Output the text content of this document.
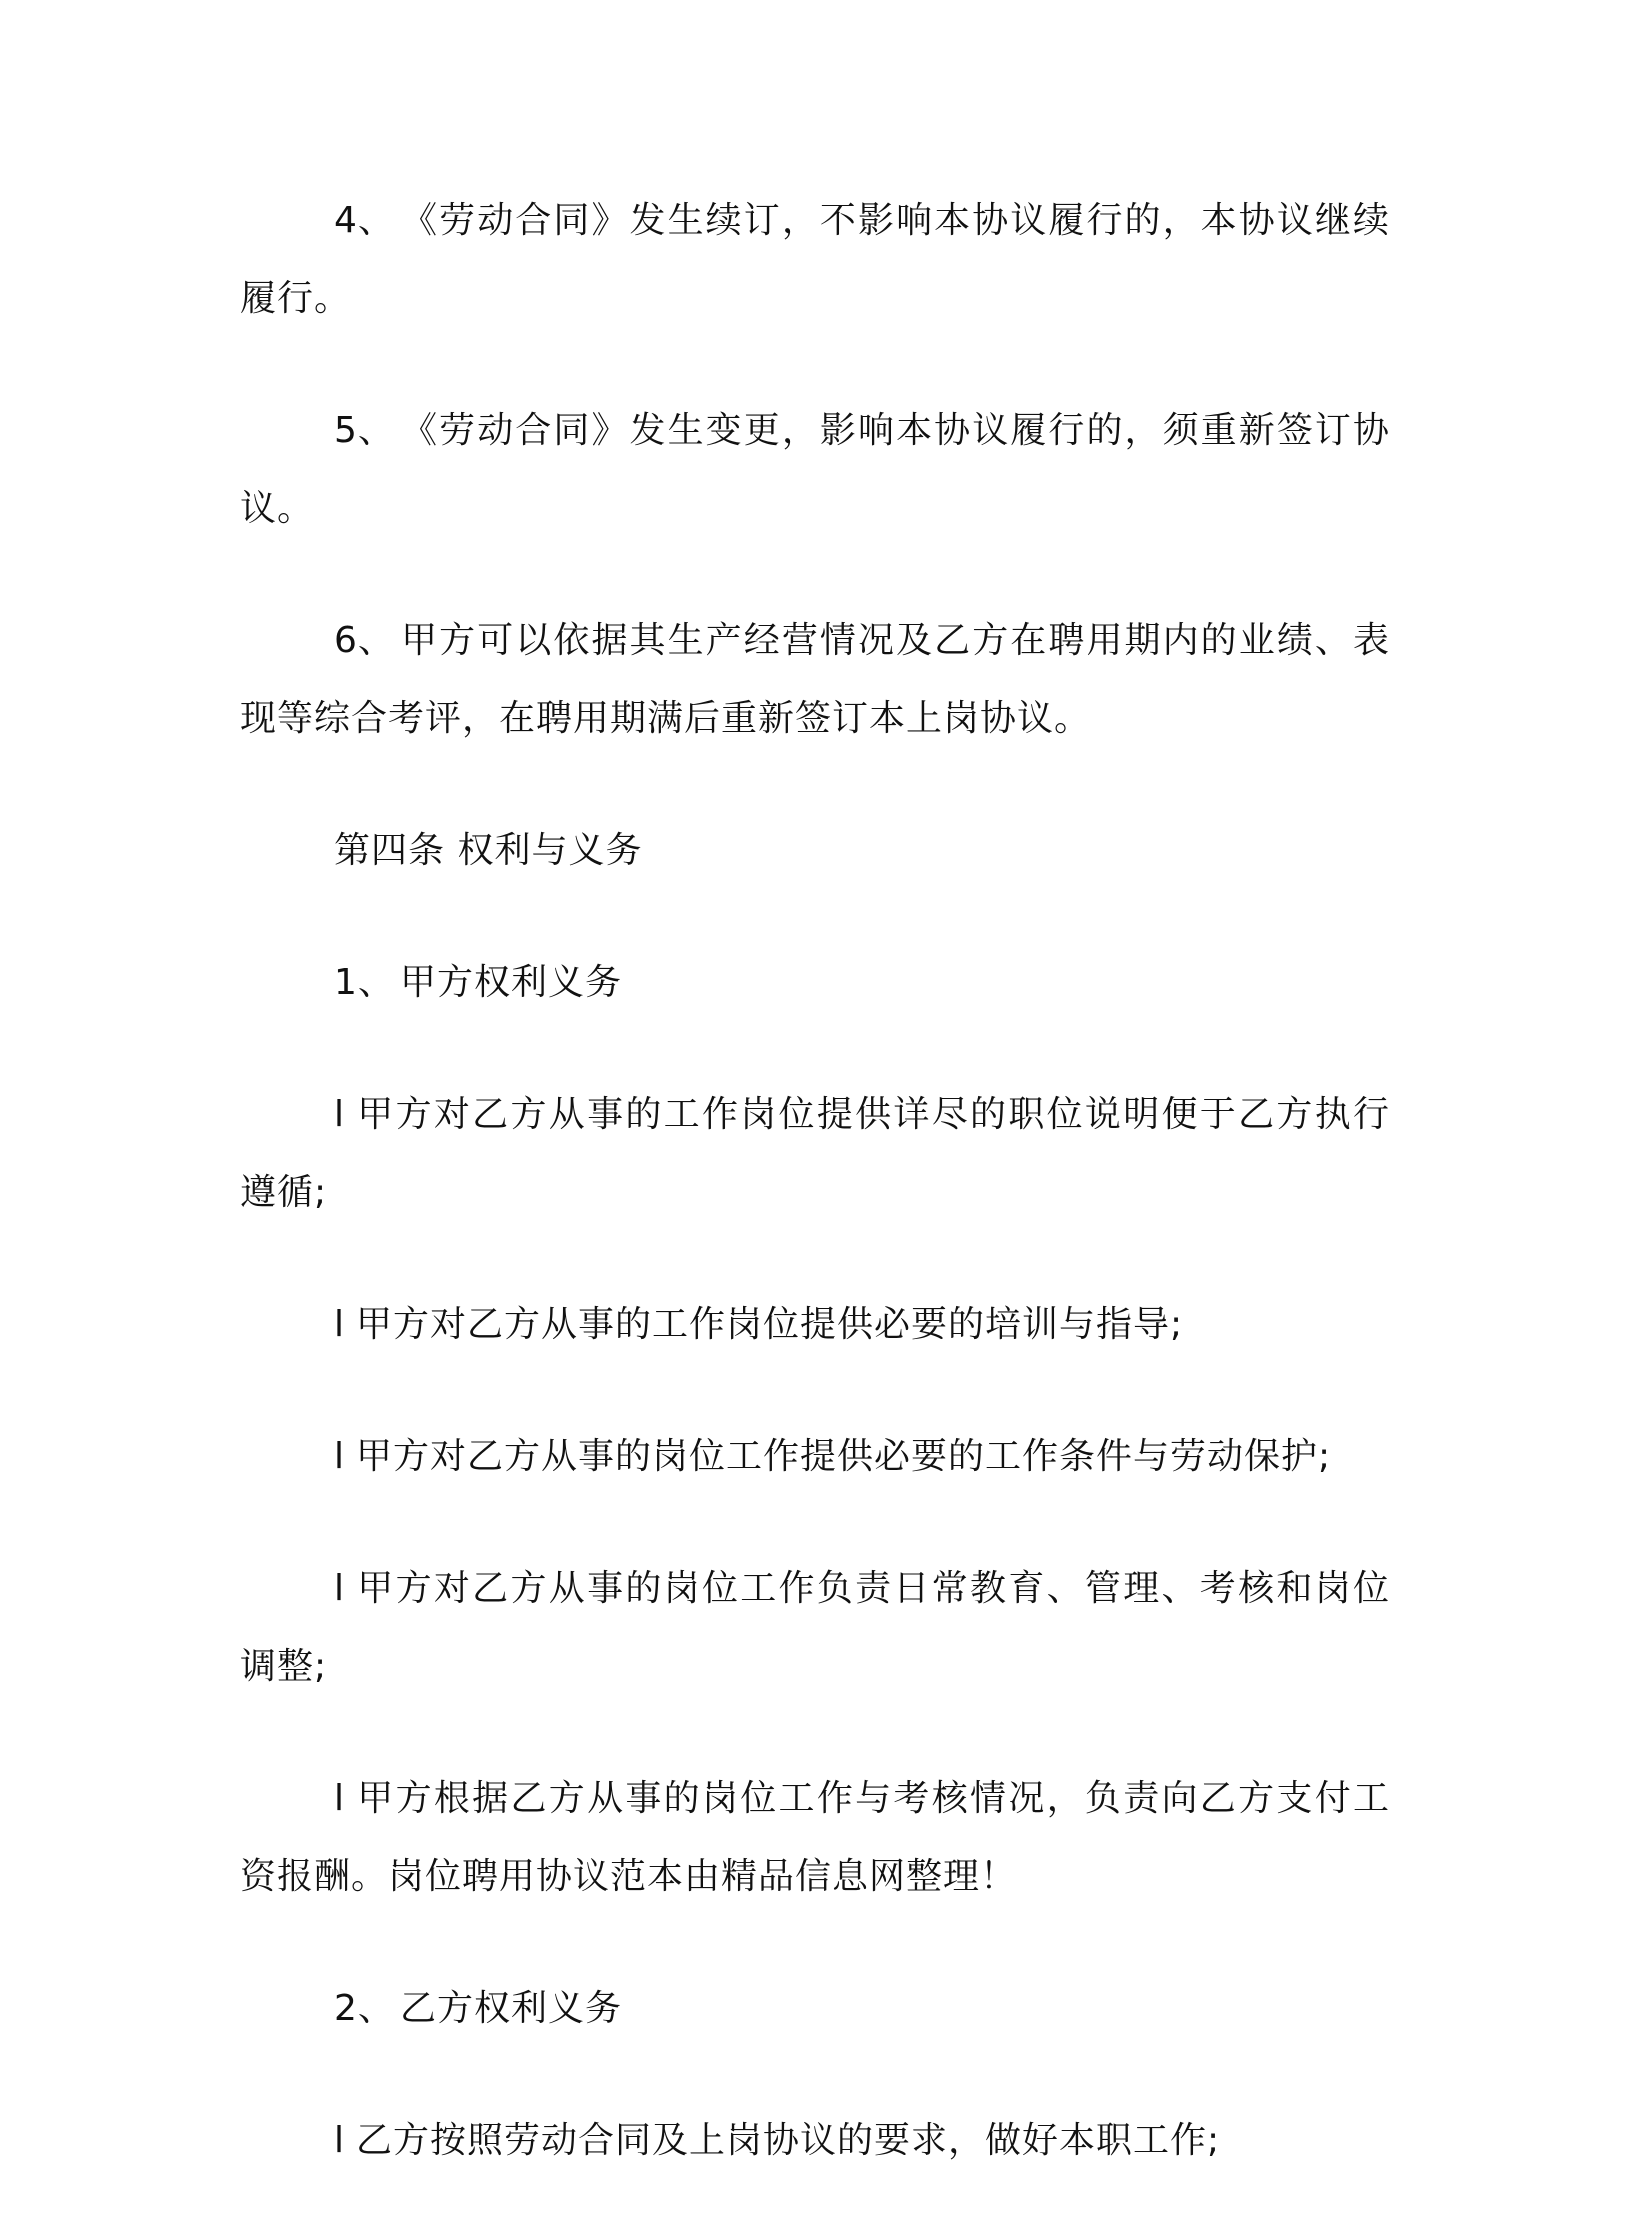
4、 《劳动合同》发生续订，不影响本协议履行的，本协议继续履行。

5、 《劳动合同》发生变更，影响本协议履行的，须重新签订协议。

6、 甲方可以依据其生产经营情况及乙方在聘用期内的业绩、表现等综合考评，在聘用期满后重新签订本上岗协议。

第四条 权利与义务

1、 甲方权利义务

l 甲方对乙方从事的工作岗位提供详尽的职位说明便于乙方执行遵循;

l 甲方对乙方从事的工作岗位提供必要的培训与指导;

l 甲方对乙方从事的岗位工作提供必要的工作条件与劳动保护;

l 甲方对乙方从事的岗位工作负责日常教育、管理、考核和岗位调整;

l 甲方根据乙方从事的岗位工作与考核情况，负责向乙方支付工资报酬。岗位聘用协议范本由精品信息网整理！

2、 乙方权利义务

l 乙方按照劳动合同及上岗协议的要求，做好本职工作;
